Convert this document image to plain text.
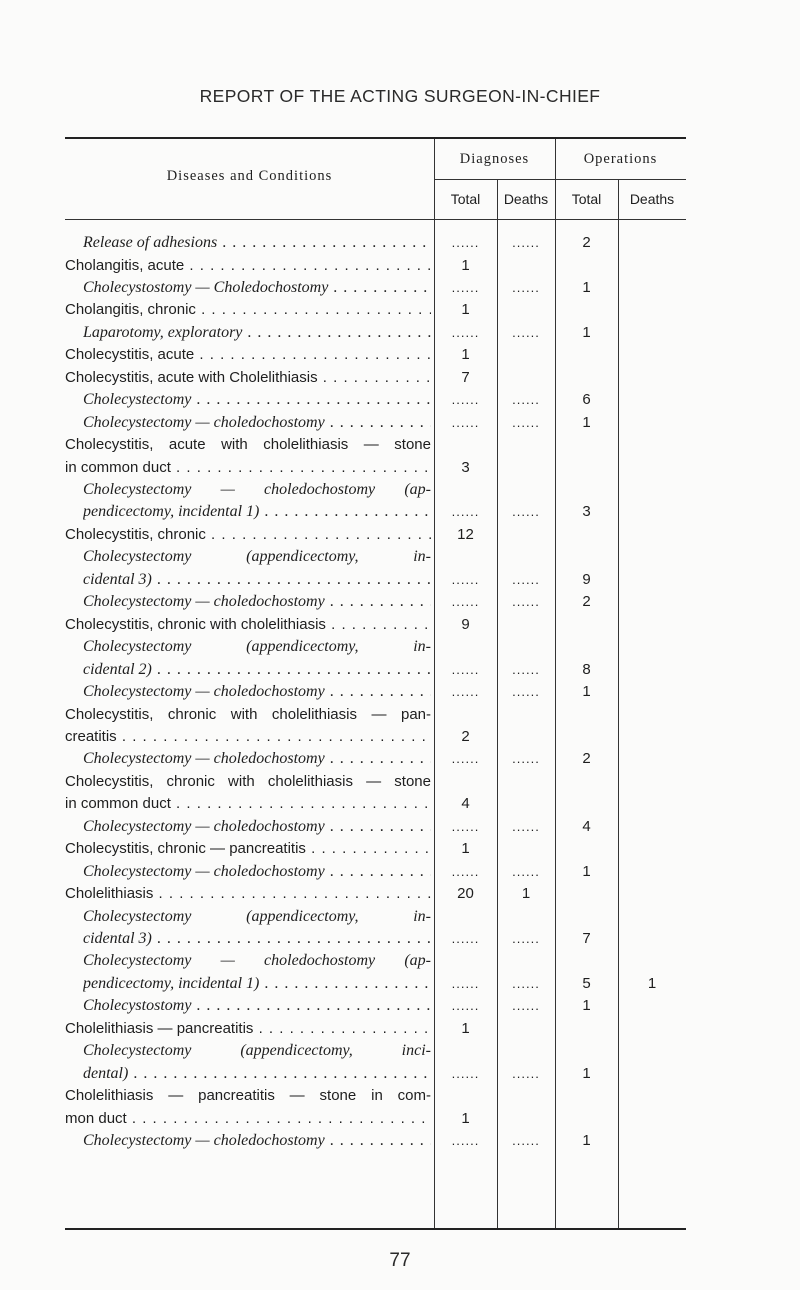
REPORT OF THE ACTING SURGEON-IN-CHIEF
Diseases and Conditions
Diagnoses	Operations
Total	Deaths	Total	Deaths
Release of adhesions . . .	......	......	2
Cholangitis, acute . . .	1
Cholecystostomy — Choledochostomy . . .	......	......	1
Cholangitis, chronic . . .	1
Laparotomy, exploratory . . .	......	......	1
Cholecystitis, acute . . .	1
Cholecystitis, acute with Cholelithiasis . . .	7
Cholecystectomy . . .	......	......	6
Cholecystectomy — choledochostomy . . .	......	......	1
Cholecystitis, acute with cholelithiasis — stone
in common duct . . .	3
Cholecystectomy — choledochostomy (ap-
pendicectomy, incidental 1) . . .	......	......	3
Cholecystitis, chronic . . .	12
Cholecystectomy (appendicectomy, in-
cidental 3) . . .	......	......	9
Cholecystectomy — choledochostomy . . .	......	......	2
Cholecystitis, chronic with cholelithiasis . . .	9
Cholecystectomy (appendicectomy, in-
cidental 2) . . .	......	......	8
Cholecystectomy — choledochostomy . . .	......	......	1
Cholecystitis, chronic with cholelithiasis — pan-
creatitis . . .	2
Cholecystectomy — choledochostomy . . .	......	......	2
Cholecystitis, chronic with cholelithiasis — stone
in common duct . . .	4
Cholecystectomy — choledochostomy . . .	......	......	4
Cholecystitis, chronic — pancreatitis . . .	1
Cholecystectomy — choledochostomy . . .	......	......	1
Cholelithiasis . . .	20	1
Cholecystectomy (appendicectomy, in-
cidental 3) . . .	......	......	7
Cholecystectomy — choledochostomy (ap-
pendicectomy, incidental 1) . . .	......	......	5	1
Cholecystostomy . . .	......	......	1
Cholelithiasis — pancreatitis . . .	1
Cholecystectomy (appendicectomy, inci-
dental) . . .	......	......	1
Cholelithiasis — pancreatitis — stone in com-
mon duct . . .	1
Cholecystectomy — choledochostomy . . .	......	......	1
77
